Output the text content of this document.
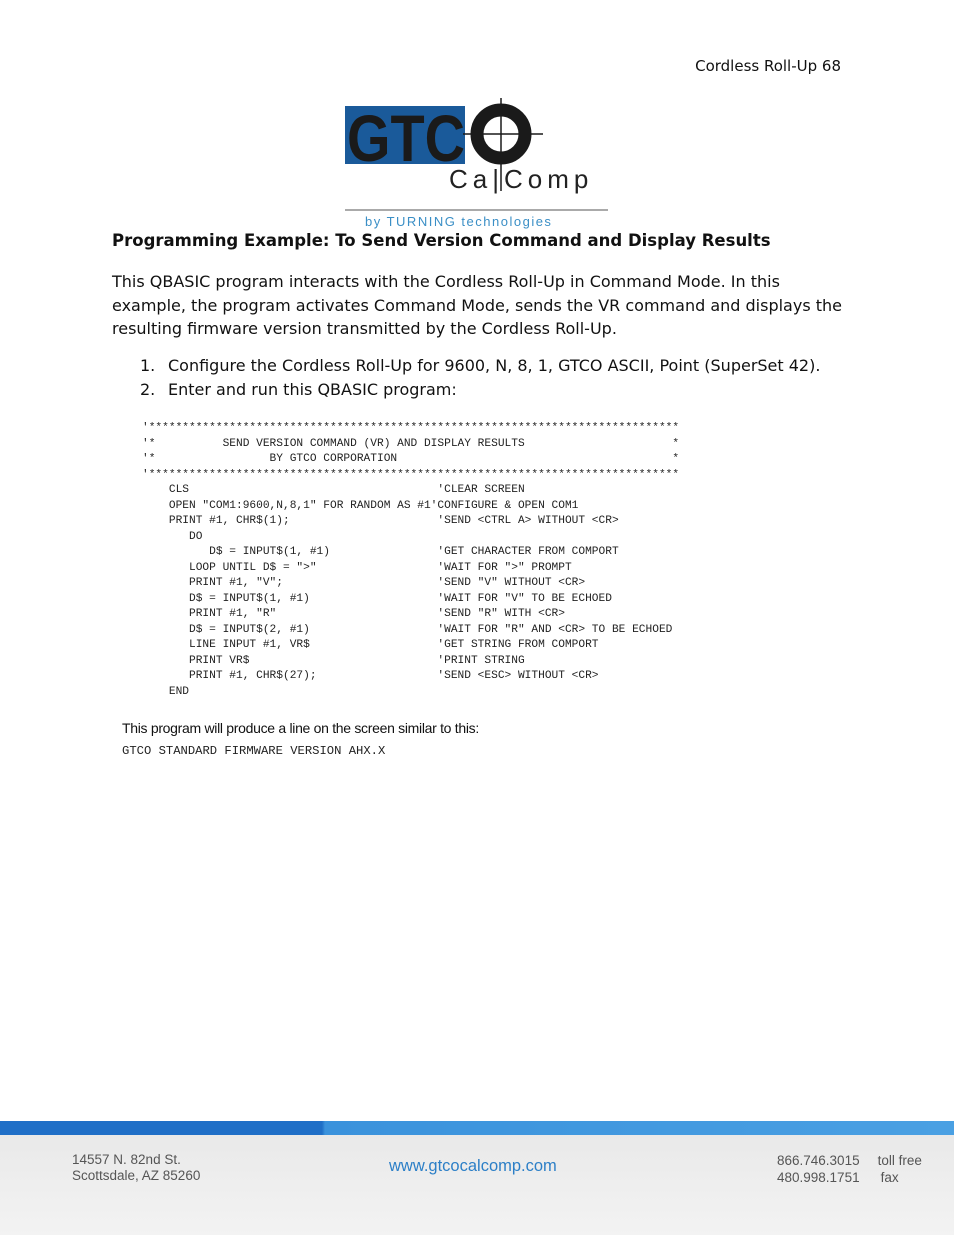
Cordless Roll-Up 68
GTC
Ca|Comp
by TURNING technologies
Programming Example: To Send Version Command and Display Results
This QBASIC program interacts with the Cordless Roll-Up in Command Mode. In this example, the program activates Command Mode, sends the VR command and displays the resulting firmware version transmitted by the Cordless Roll-Up.
1. Configure the Cordless Roll-Up for 9600, N, 8, 1, GTCO ASCII, Point (SuperSet 42).
2. Enter and run this QBASIC program:
'*******************************************************************************
'*          SEND VERSION COMMAND (VR) AND DISPLAY RESULTS                      *
'*                 BY GTCO CORPORATION                                         *
'*******************************************************************************
CLS                                     'CLEAR SCREEN
OPEN "COM1:9600,N,8,1" FOR RANDOM AS #1'CONFIGURE & OPEN COM1
PRINT #1, CHR$(1);                      'SEND <CTRL A> WITHOUT <CR>
DO
D$ = INPUT$(1, #1)                'GET CHARACTER FROM COMPORT
LOOP UNTIL D$ = ">"                  'WAIT FOR ">" PROMPT
PRINT #1, "V";                       'SEND "V" WITHOUT <CR>
D$ = INPUT$(1, #1)                   'WAIT FOR "V" TO BE ECHOED
PRINT #1, "R"                        'SEND "R" WITH <CR>
D$ = INPUT$(2, #1)                   'WAIT FOR "R" AND <CR> TO BE ECHOED
LINE INPUT #1, VR$                   'GET STRING FROM COMPORT
PRINT VR$                            'PRINT STRING
PRINT #1, CHR$(27);                  'SEND <ESC> WITHOUT <CR>
END
This program will produce a line on the screen similar to this:
GTCO STANDARD FIRMWARE VERSION AHX.X
14557 N. 82nd St.
Scottsdale, AZ 85260
www.gtcocalcomp.com	866.746.3015 toll free
480.998.1751 fax
